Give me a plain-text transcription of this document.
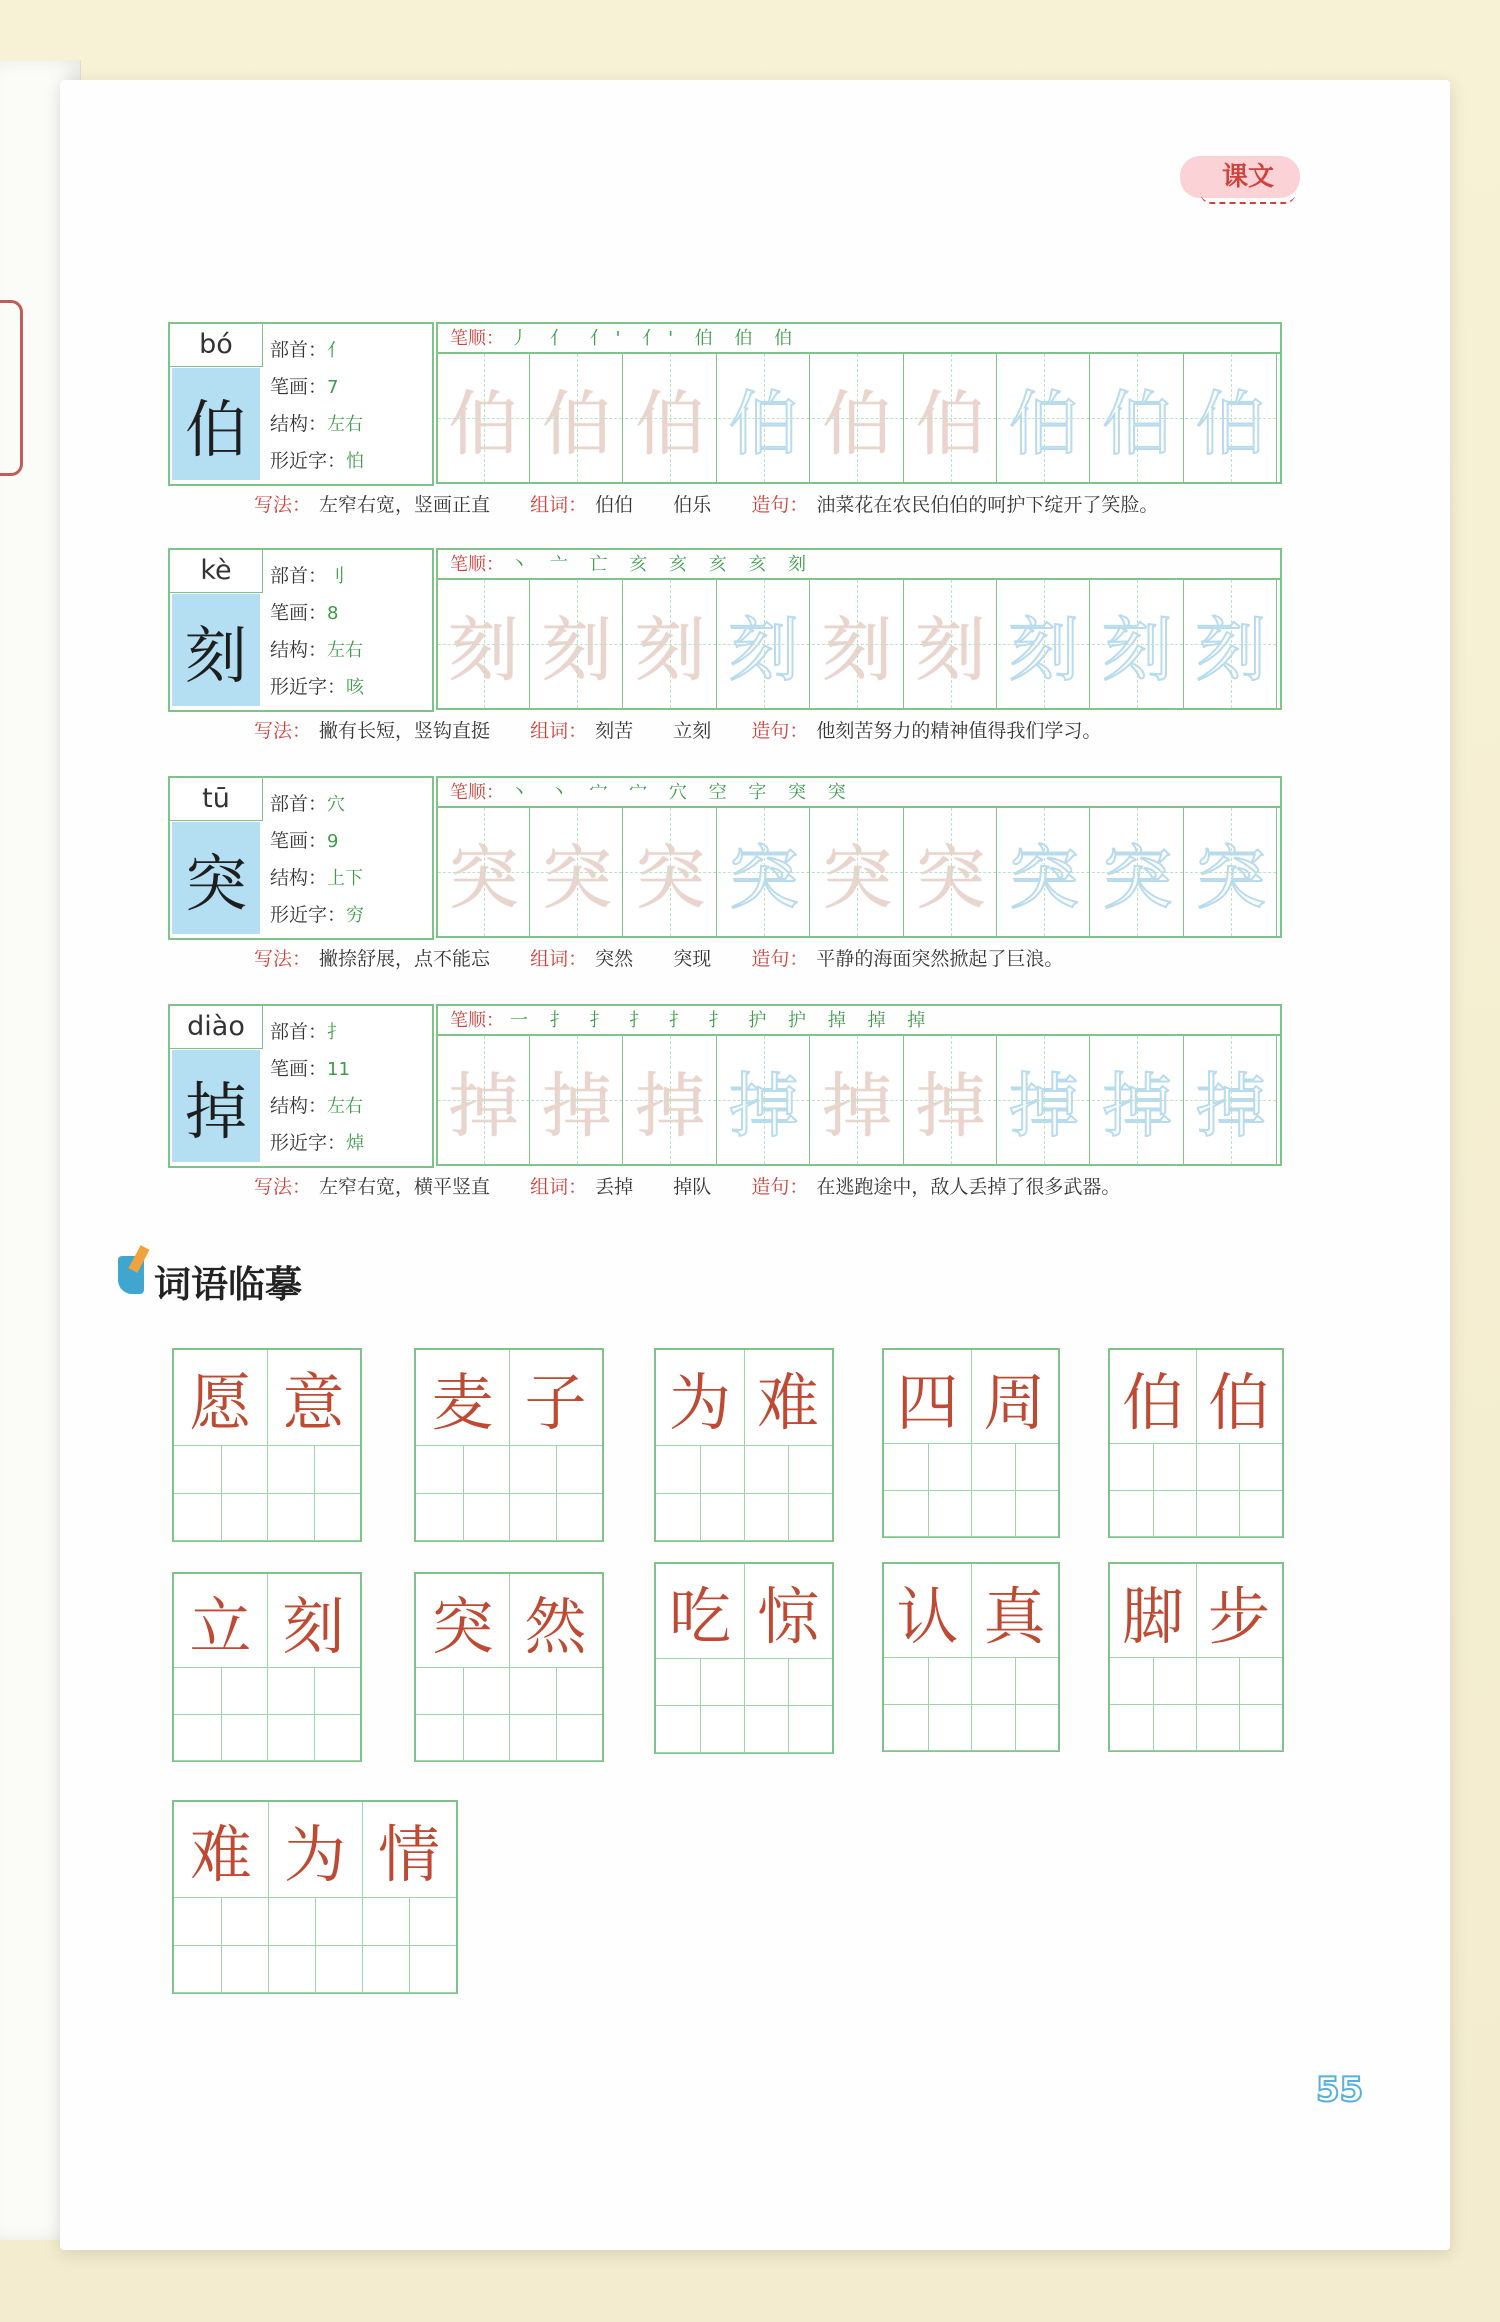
课文
bó
伯
部首：亻
笔画：7
结构：左右
形近字：怕
笔顺： 丿 亻 亻' 亻' 伯 伯 伯
伯 伯 伯 伯 伯 伯 伯 伯 伯
写法： 左窄右宽，竖画正直 组词： 伯伯 伯乐 造句： 油菜花在农民伯伯的呵护下绽开了笑脸。
kè
刻
部首：刂
笔画：8
结构：左右
形近字：咳
笔顺： 丶 亠 亡 亥 亥 亥 亥 刻
刻 刻 刻 刻 刻 刻 刻 刻 刻
写法： 撇有长短，竖钩直挺 组词： 刻苦 立刻 造句： 他刻苦努力的精神值得我们学习。
tū
突
部首：穴
笔画：9
结构：上下
形近字：穷
笔顺： 丶 丶 宀 宀 穴 空 字 突 突
突 突 突 突 突 突 突 突 突
写法： 撇捺舒展，点不能忘 组词： 突然 突现 造句： 平静的海面突然掀起了巨浪。
diào
掉
部首：扌
笔画：11
结构：左右
形近字：焯
笔顺： 一 扌 扌 扌 扌 扌 护 护 掉 掉 掉
掉 掉 掉 掉 掉 掉 掉 掉 掉
写法： 左窄右宽，横平竖直 组词： 丢掉 掉队 造句： 在逃跑途中，敌人丢掉了很多武器。
词语临摹
愿 意 麦 子 为 难 四 周 伯 伯
立 刻 突 然 吃 惊 认 真 脚 步
难 为 情
55
